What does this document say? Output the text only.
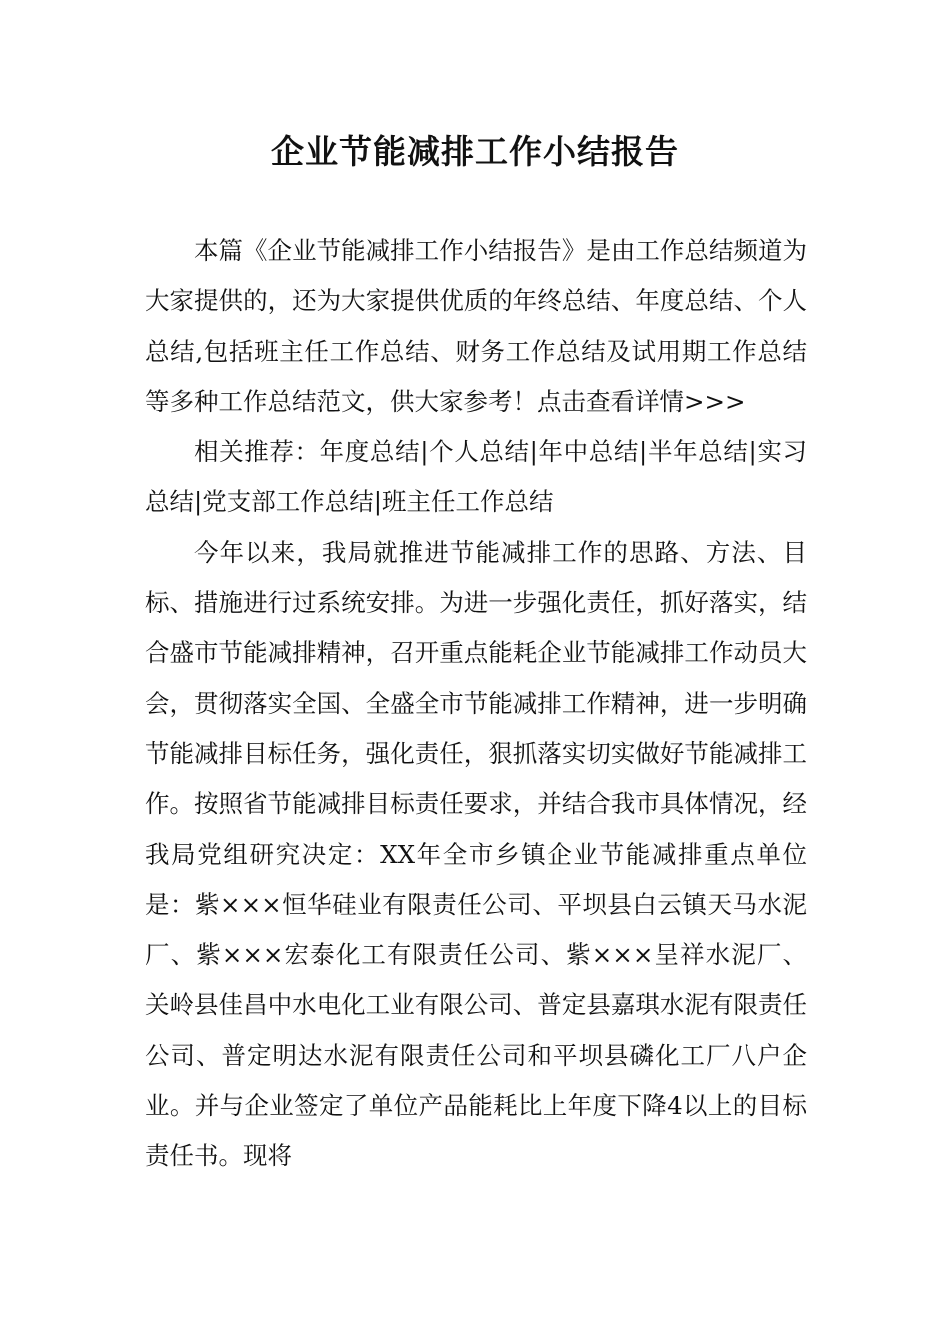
企业节能减排工作小结报告

本篇《企业节能减排工作小结报告》是由工作总结频道为大家提供的，还为大家提供优质的年终总结、年度总结、个人总结,包括班主任工作总结、财务工作总结及试用期工作总结等多种工作总结范文，供大家参考！点击查看详情>>>

相关推荐：年度总结|个人总结|年中总结|半年总结|实习总结|党支部工作总结|班主任工作总结

今年以来，我局就推进节能减排工作的思路、方法、目标、措施进行过系统安排。为进一步强化责任，抓好落实，结合盛市节能减排精神，召开重点能耗企业节能减排工作动员大会，贯彻落实全国、全盛全市节能减排工作精神，进一步明确节能减排目标任务，强化责任，狠抓落实切实做好节能减排工作。按照省节能减排目标责任要求，并结合我市具体情况，经我局党组研究决定：XX年全市乡镇企业节能减排重点单位是：紫×××恒华硅业有限责任公司、平坝县白云镇天马水泥厂、紫×××宏泰化工有限责任公司、紫×××呈祥水泥厂、关岭县佳昌中水电化工业有限公司、普定县嘉琪水泥有限责任公司、普定明达水泥有限责任公司和平坝县磷化工厂八户企业。并与企业签定了单位产品能耗比上年度下降4以上的目标责任书。现将
